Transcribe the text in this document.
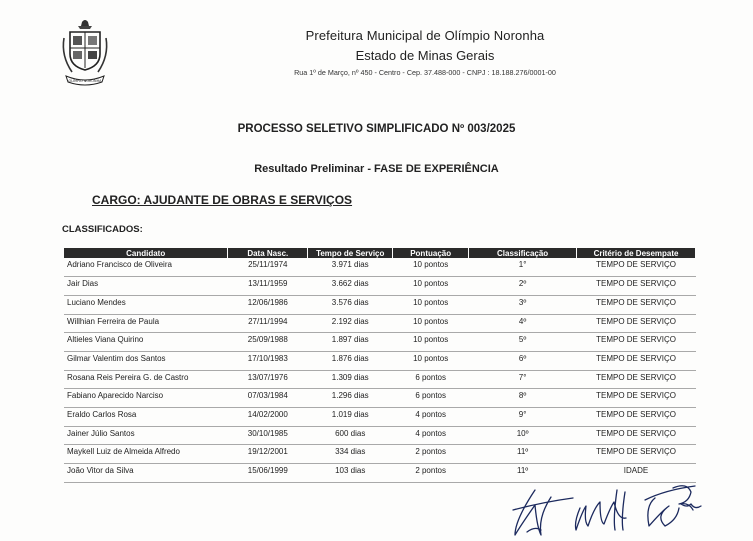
OLÍMPIO NORONHA
Prefeitura Municipal de Olímpio Noronha
Estado de Minas Gerais
Rua 1º de Março, nº 450 - Centro - Cep. 37.488-000 - CNPJ : 18.188.276/0001-00
PROCESSO SELETIVO SIMPLIFICADO Nº 003/2025
Resultado Preliminar - FASE DE EXPERIÊNCIA
CARGO: AJUDANTE DE OBRAS E SERVIÇOS
CLASSIFICADOS:
Candidato	Data Nasc.	Tempo de Serviço	Pontuação	Classificação	Critério de Desempate
Adriano Francisco de Oliveira	25/11/1974	3.971 dias	10 pontos	1°	TEMPO DE SERVIÇO
Jair Dias	13/11/1959	3.662 dias	10 pontos	2º	TEMPO DE SERVIÇO
Luciano Mendes	12/06/1986	3.576 dias	10 pontos	3º	TEMPO DE SERVIÇO
Willhian Ferreira de Paula	27/11/1994	2.192 dias	10 pontos	4º	TEMPO DE SERVIÇO
Altieles Viana Quirino	25/09/1988	1.897 dias	10 pontos	5º	TEMPO DE SERVIÇO
Gilmar Valentim dos Santos	17/10/1983	1.876 dias	10 pontos	6º	TEMPO DE SERVIÇO
Rosana Reis Pereira G. de Castro	13/07/1976	1.309 dias	6 pontos	7°	TEMPO DE SERVIÇO
Fabiano Aparecido Narciso	07/03/1984	1.296 dias	6 pontos	8º	TEMPO DE SERVIÇO
Eraldo Carlos Rosa	14/02/2000	1.019 dias	4 pontos	9°	TEMPO DE SERVIÇO
Jainer Júlio Santos	30/10/1985	600 dias	4 pontos	10º	TEMPO DE SERVIÇO
Maykell Luiz de Almeida Alfredo	19/12/2001	334 dias	2 pontos	11º	TEMPO DE SERVIÇO
João Vitor da Silva	15/06/1999	103 dias	2 pontos	11º	IDADE
